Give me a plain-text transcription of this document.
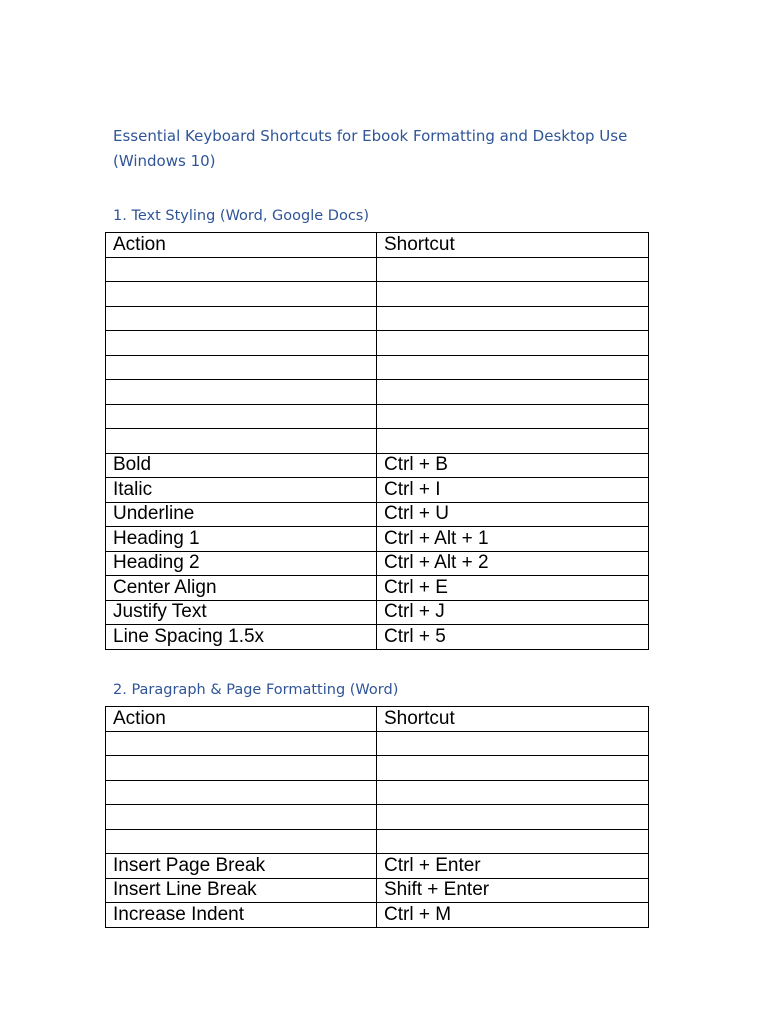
Essential Keyboard Shortcuts for Ebook Formatting and Desktop Use (Windows 10)
1. Text Styling (Word, Google Docs)
Action	Shortcut

Bold	Ctrl + B
Italic	Ctrl + I
Underline	Ctrl + U
Heading 1	Ctrl + Alt + 1
Heading 2	Ctrl + Alt + 2
Center Align	Ctrl + E
Justify Text	Ctrl + J
Line Spacing 1.5x	Ctrl + 5
2. Paragraph & Page Formatting (Word)
Action	Shortcut

Insert Page Break	Ctrl + Enter
Insert Line Break	Shift + Enter
Increase Indent	Ctrl + M
